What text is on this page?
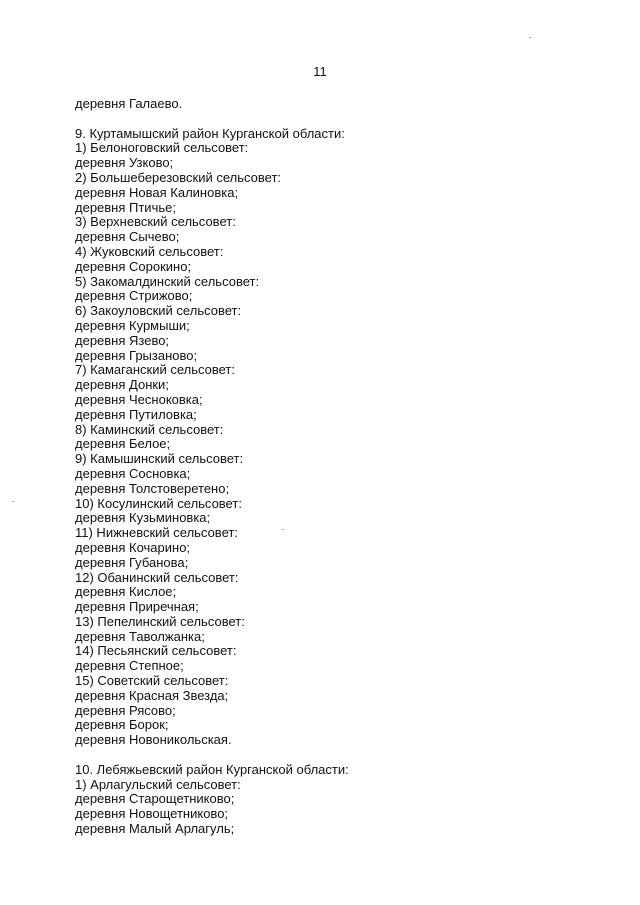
11
деревня Галаево.
9. Куртамышский район Курганской области:
1) Белоноговский сельсовет:
деревня Узково;
2) Большеберезовский сельсовет:
деревня Новая Калиновка;
деревня Птичье;
3) Верхневский сельсовет:
деревня Сычево;
4) Жуковский сельсовет:
деревня Сорокино;
5) Закомалдинский сельсовет:
деревня Стрижово;
6) Закоуловский сельсовет:
деревня Курмыши;
деревня Язево;
деревня Грызаново;
7) Камаганский сельсовет:
деревня Донки;
деревня Чесноковка;
деревня Путиловка;
8) Каминский сельсовет:
деревня Белое;
9) Камышинский сельсовет:
деревня Сосновка;
деревня Толстоверетено;
10) Косулинский сельсовет:
деревня Кузьминовка;
11) Нижневский сельсовет:
деревня Кочарино;
деревня Губанова;
12) Обанинский сельсовет:
деревня Кислое;
деревня Приречная;
13) Пепелинский сельсовет:
деревня Таволжанка;
14) Песьянский сельсовет:
деревня Степное;
15) Советский сельсовет:
деревня Красная Звезда;
деревня Рясово;
деревня Борок;
деревня Новоникольская.
10. Лебяжьевский район Курганской области:
1) Арлагульский сельсовет:
деревня Старощетниково;
деревня Новощетниково;
деревня Малый Арлагуль;
